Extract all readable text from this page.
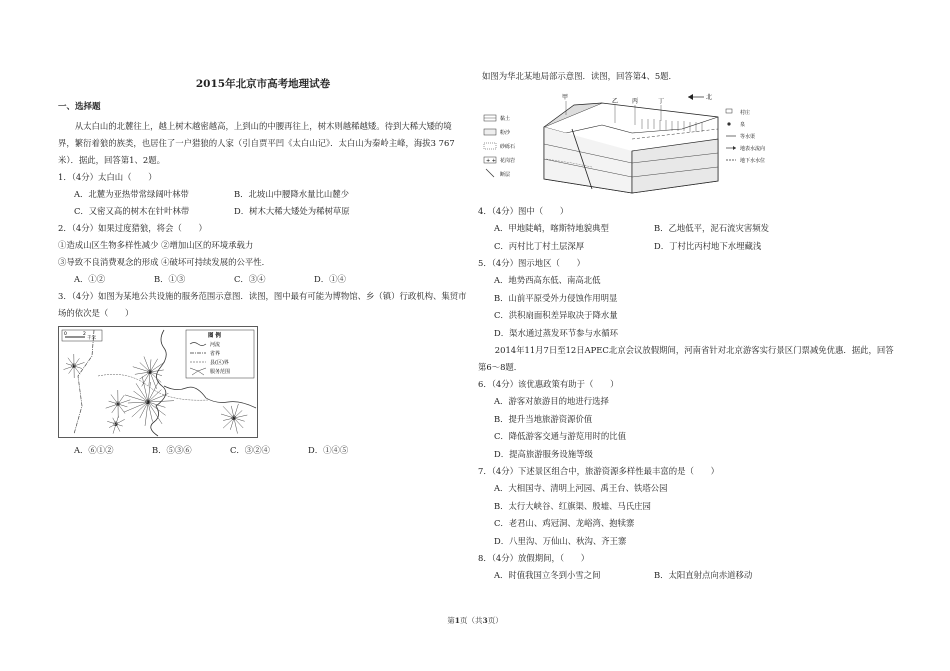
2015年北京市高考地理试卷
一、选择题

从太白山的北麓往上，越上树木越密越高，上到山的中腰再往上，树木则越稀越矮。待到大稀大矮的境界，繁衍着狼的族类，也居住了一户猎狼的人家（引自贾平凹《太白山记》．太白山为秦岭主峰，海拔3 767米）．据此，回答第1、2题。

1．（4分）太白山（　　）

A．北麓为亚热带常绿阔叶林带	B．北坡山中腰降水量比山麓少
C．又密又高的树木在针叶林带	D．树木大稀大矮处为稀树草原

2．（4分）如果过度猎狼，将会（　　）

①造成山区生物多样性减少 ②增加山区的环境承载力

③导致不良消费观念的形成 ④破坏可持续发展的公平性．

A．①②	B．①③	C．③④	D．①④

3．（4分）如图为某地公共设施的服务范围示意图．读图，图中最有可能为博物馆、乡（镇）行政机构、集贸市场的依次是（　　）

0	2
千米	图 例
河流
省界
县(区)界
服务范围
①
②
③
④
⑤
⑥
A．⑥①②	B．⑤③⑥	C．③②④	D．①④⑤

如图为华北某地局部示意图．读图，回答第4、5题．

黏土
粉沙
砂砾石
+ + 花岗岩
断层
甲
乙 丙	丁
北
村庄
泉
等水渠
地表水流向
地下水水位

4．（4分）图中（　　）

A．甲地陡峭，喀斯特地貌典型	B．乙地低平，泥石流灾害频发
C．丙村比丁村土层深厚	D．丁村比丙村地下水埋藏浅

5．（4分）图示地区（　　）

A．地势西高东低、南高北低

B．山前平原受外力侵蚀作用明显

C．洪积扇面积差异取决于降水量

D．渠水通过蒸发环节参与水循环

2014年11月7日至12日APEC北京会议放假期间，河南省针对北京游客实行景区门票减免优惠．据此，回答第6～8题．

6．（4分）该优惠政策有助于（　　）

A．游客对旅游目的地进行选择

B．提升当地旅游资源价值

C．降低游客交通与游览用时的比值

D．提高旅游服务设施等级

7．（4分）下述景区组合中，旅游资源多样性最丰富的是（　　）

A．大相国寺、清明上河园、禹王台、铁塔公园

B．太行大峡谷、红旗渠、殷墟、马氏庄园

C．老君山、鸡冠洞、龙峪湾、抱犊寨

D．八里沟、万仙山、秋沟、齐王寨

8．（4分）放假期间，（　　）

A．时值我国立冬到小雪之间	B．太阳直射点向赤道移动
第1页（共3页）
